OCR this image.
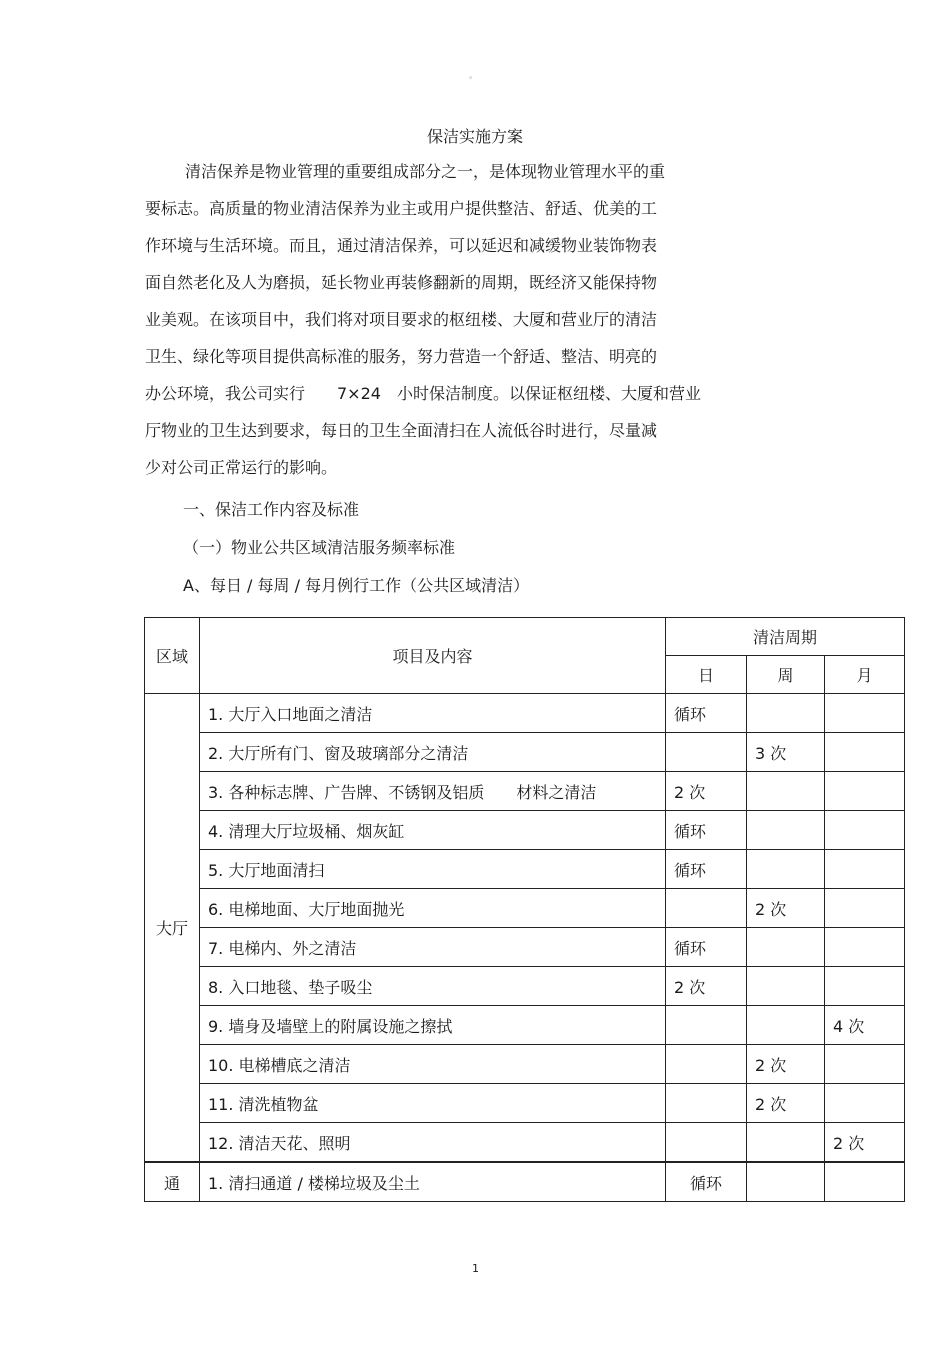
。
保洁实施方案
清洁保养是物业管理的重要组成部分之一，是体现物业管理水平的重
要标志。高质量的物业清洁保养为业主或用户提供整洁、舒适、优美的工
作环境与生活环境。而且，通过清洁保养，可以延迟和减缓物业装饰物表
面自然老化及人为磨损，延长物业再装修翻新的周期，既经济又能保持物
业美观。在该项目中，我们将对项目要求的枢纽楼、大厦和营业厅的清洁
卫生、绿化等项目提供高标准的服务，努力营造一个舒适、整洁、明亮的
办公环境，我公司实行　　7×24　小时保洁制度。以保证枢纽楼、大厦和营业
厅物业的卫生达到要求，每日的卫生全面清扫在人流低谷时进行，尽量减
少对公司正常运行的影响。
一、保洁工作内容及标准
（一）物业公共区域清洁服务频率标准
A、每日 / 每周 / 每月例行工作（公共区域清洁）
区域	项目及内容	清洁周期		
		日	周	月
大厅	1. 大厅入口地面之清洁	循环		
	2. 大厅所有门、窗及玻璃部分之清洁		3 次	
	3. 各种标志牌、广告牌、不锈钢及铝质　　材料之清洁	2 次		
	4. 清理大厅垃圾桶、烟灰缸	循环		
	5. 大厅地面清扫	循环		
	6. 电梯地面、大厅地面抛光		2 次	
	7. 电梯内、外之清洁	循环		
	8. 入口地毯、垫子吸尘	2 次		
	9. 墙身及墙壁上的附属设施之擦拭			4 次
	10. 电梯槽底之清洁		2 次	
	11. 清洗植物盆		2 次	
	12. 清洁天花、照明			2 次
通	1. 清扫通道 / 楼梯垃圾及尘土	循环		
1
